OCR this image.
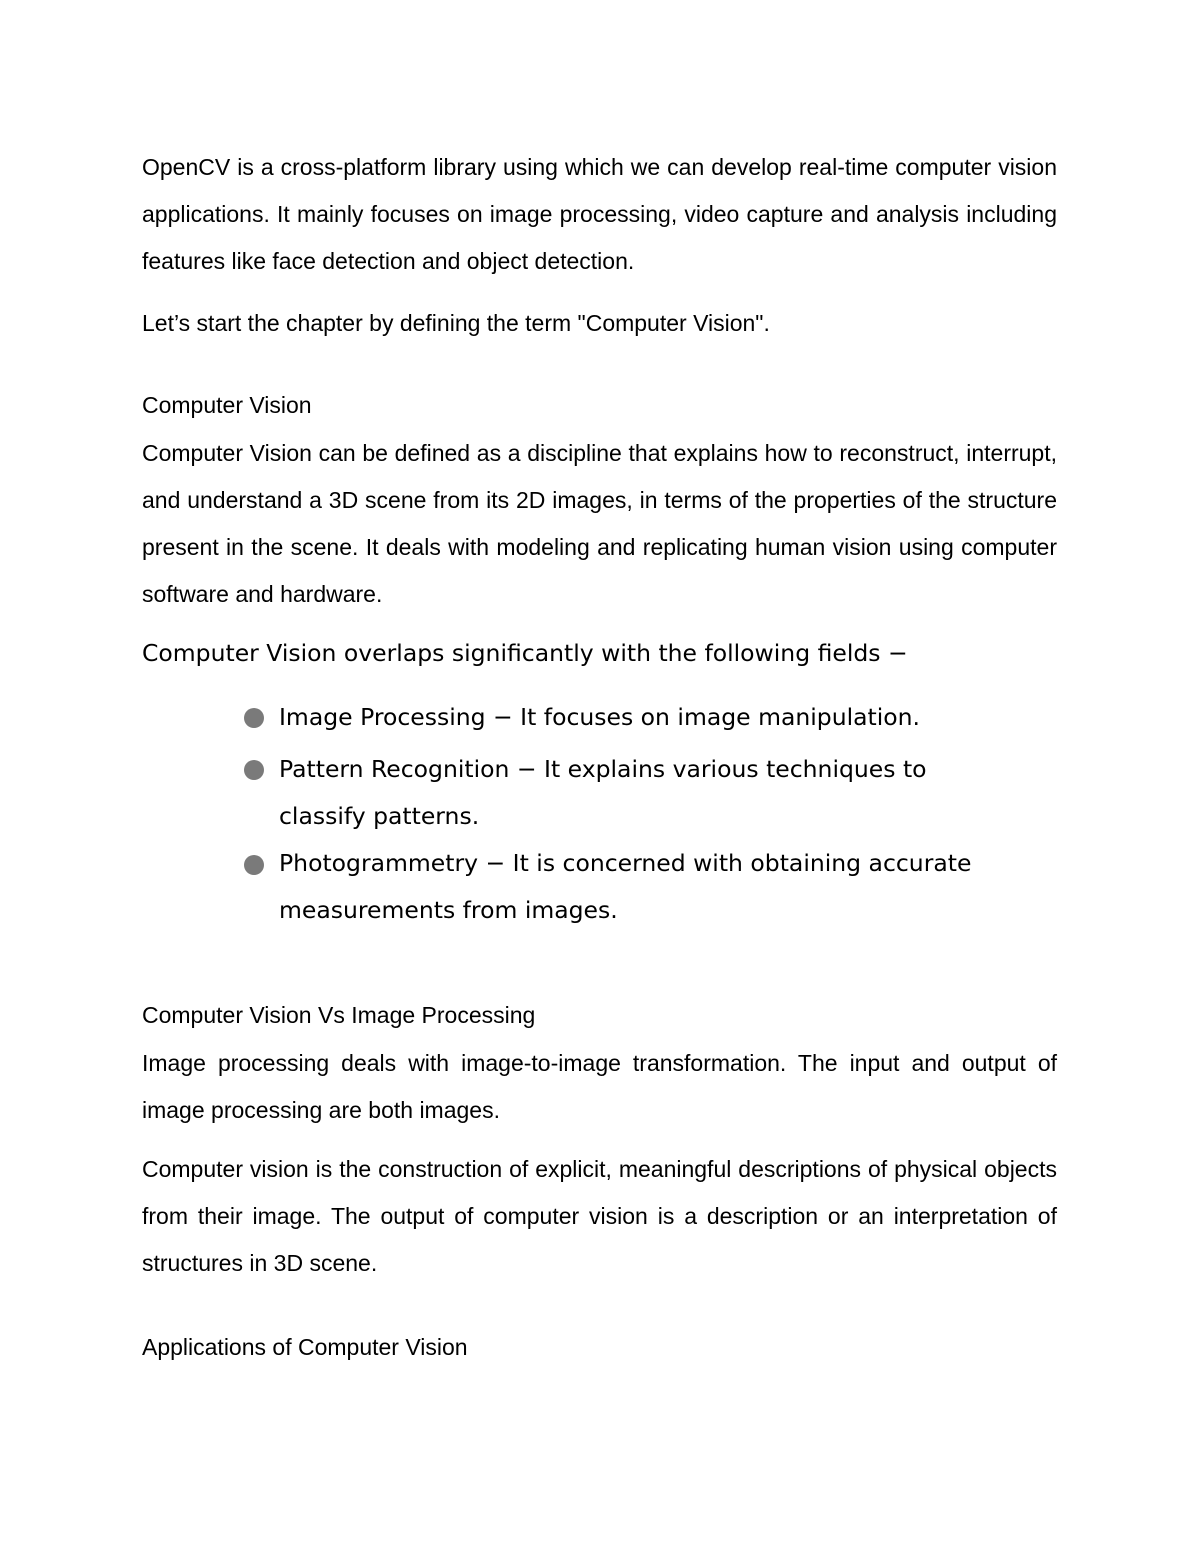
OpenCV is a cross-platform library using which we can develop real-time computer vision applications. It mainly focuses on image processing, video capture and analysis including features like face detection and object detection.

Let’s start the chapter by defining the term "Computer Vision".

Computer Vision

Computer Vision can be defined as a discipline that explains how to reconstruct, interrupt, and understand a 3D scene from its 2D images, in terms of the properties of the structure present in the scene. It deals with modeling and replicating human vision using computer software and hardware.

Computer Vision overlaps significantly with the following fields −

Image Processing − It focuses on image manipulation.

Pattern Recognition − It explains various techniques to classify patterns.

Photogrammetry − It is concerned with obtaining accurate measurements from images.

Computer Vision Vs Image Processing

Image processing deals with image-to-image transformation. The input and output of image processing are both images.

Computer vision is the construction of explicit, meaningful descriptions of physical objects from their image. The output of computer vision is a description or an interpretation of structures in 3D scene.

Applications of Computer Vision
